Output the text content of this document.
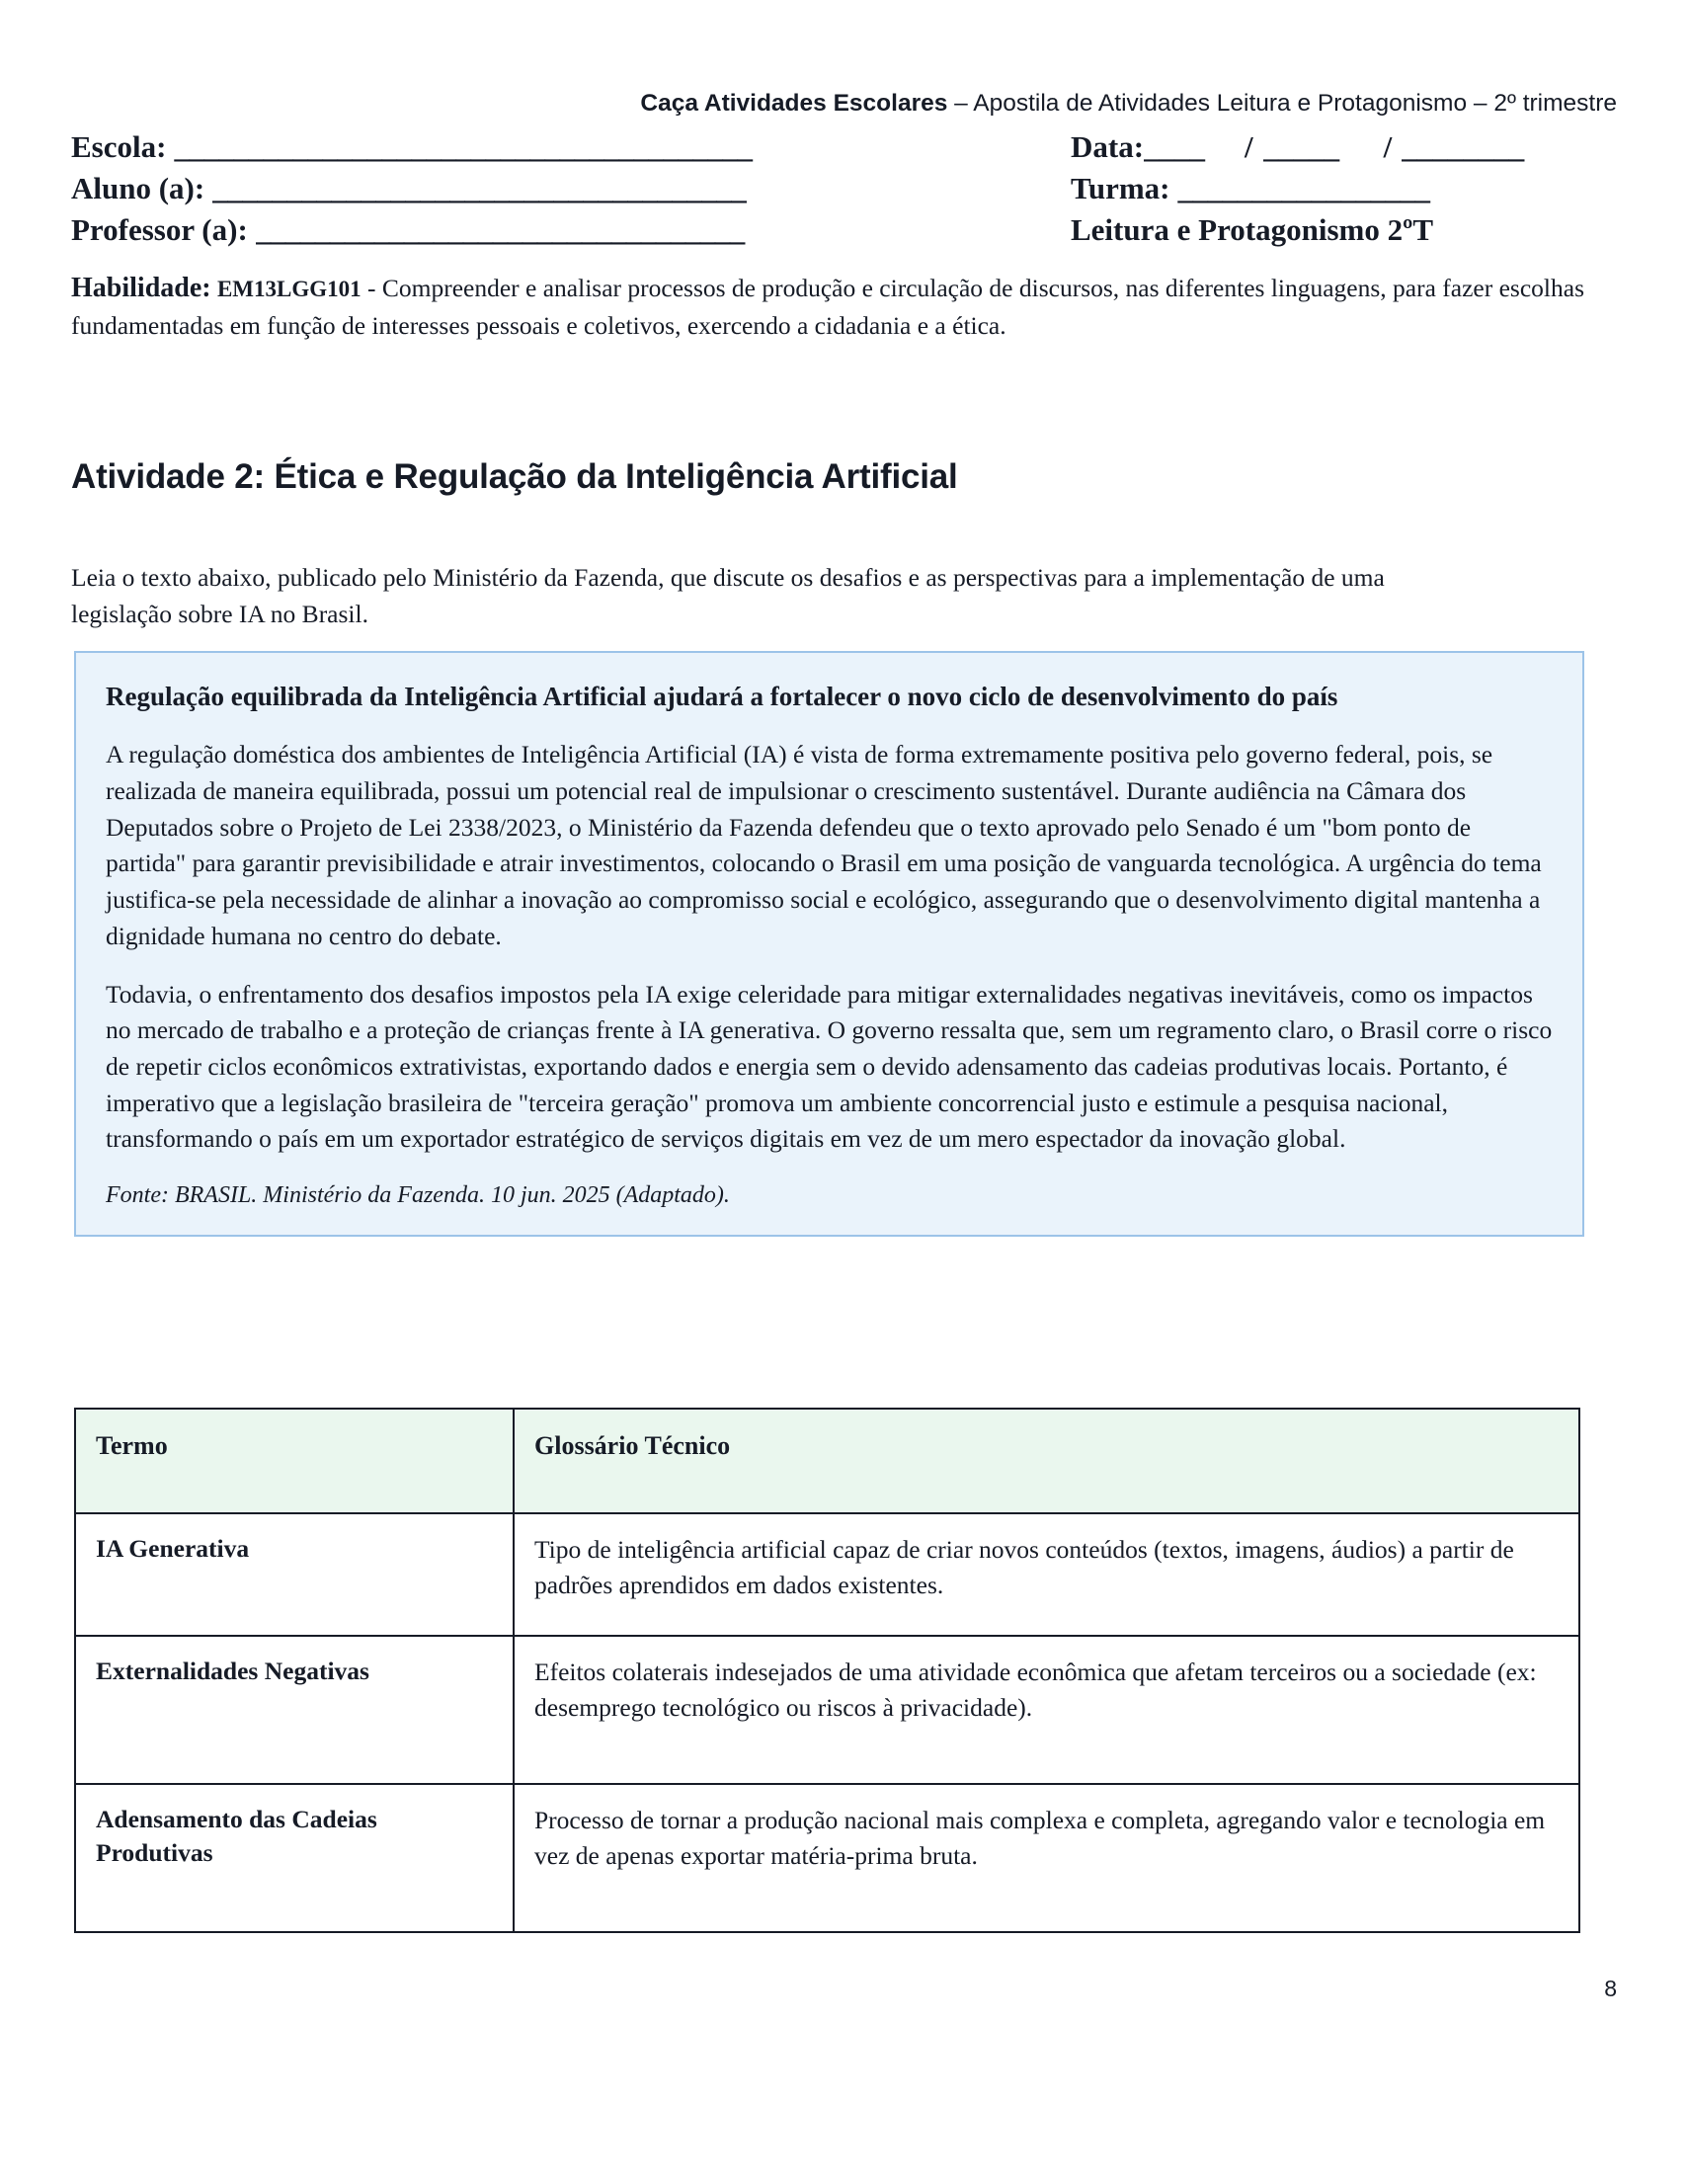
Caça Atividades Escolares – Apostila de Atividades Leitura e Protagonismo – 2º trimestre
Escola: _______________________________________	Data: ____	/ _____	/ ________
Aluno (a): ____________________________________	Turma: _________________
Professor (a): _________________________________	Leitura e Protagonismo 2ºT
Habilidade: EM13LGG101 - Compreender e analisar processos de produção e circulação de discursos, nas diferentes linguagens, para fazer escolhas fundamentadas em função de interesses pessoais e coletivos, exercendo a cidadania e a ética.
Atividade 2: Ética e Regulação da Inteligência Artificial

Leia o texto abaixo, publicado pelo Ministério da Fazenda, que discute os desafios e as perspectivas para a implementação de uma legislação sobre IA no Brasil.

Regulação equilibrada da Inteligência Artificial ajudará a fortalecer o novo ciclo de desenvolvimento do país

A regulação doméstica dos ambientes de Inteligência Artificial (IA) é vista de forma extremamente positiva pelo governo federal, pois, se realizada de maneira equilibrada, possui um potencial real de impulsionar o crescimento sustentável. Durante audiência na Câmara dos Deputados sobre o Projeto de Lei 2338/2023, o Ministério da Fazenda defendeu que o texto aprovado pelo Senado é um "bom ponto de partida" para garantir previsibilidade e atrair investimentos, colocando o Brasil em uma posição de vanguarda tecnológica. A urgência do tema justifica-se pela necessidade de alinhar a inovação ao compromisso social e ecológico, assegurando que o desenvolvimento digital mantenha a dignidade humana no centro do debate.

Todavia, o enfrentamento dos desafios impostos pela IA exige celeridade para mitigar externalidades negativas inevitáveis, como os impactos no mercado de trabalho e a proteção de crianças frente à IA generativa. O governo ressalta que, sem um regramento claro, o Brasil corre o risco de repetir ciclos econômicos extrativistas, exportando dados e energia sem o devido adensamento das cadeias produtivas locais. Portanto, é imperativo que a legislação brasileira de "terceira geração" promova um ambiente concorrencial justo e estimule a pesquisa nacional, transformando o país em um exportador estratégico de serviços digitais em vez de um mero espectador da inovação global.

Fonte: BRASIL. Ministério da Fazenda. 10 jun. 2025 (Adaptado).

Termo	Glossário Técnico
IA Generativa	Tipo de inteligência artificial capaz de criar novos conteúdos (textos, imagens, áudios) a partir de padrões aprendidos em dados existentes.
Externalidades Negativas	Efeitos colaterais indesejados de uma atividade econômica que afetam terceiros ou a sociedade (ex: desemprego tecnológico ou riscos à privacidade).
Adensamento das Cadeias Produtivas	Processo de tornar a produção nacional mais complexa e completa, agregando valor e tecnologia em vez de apenas exportar matéria-prima bruta.
8
